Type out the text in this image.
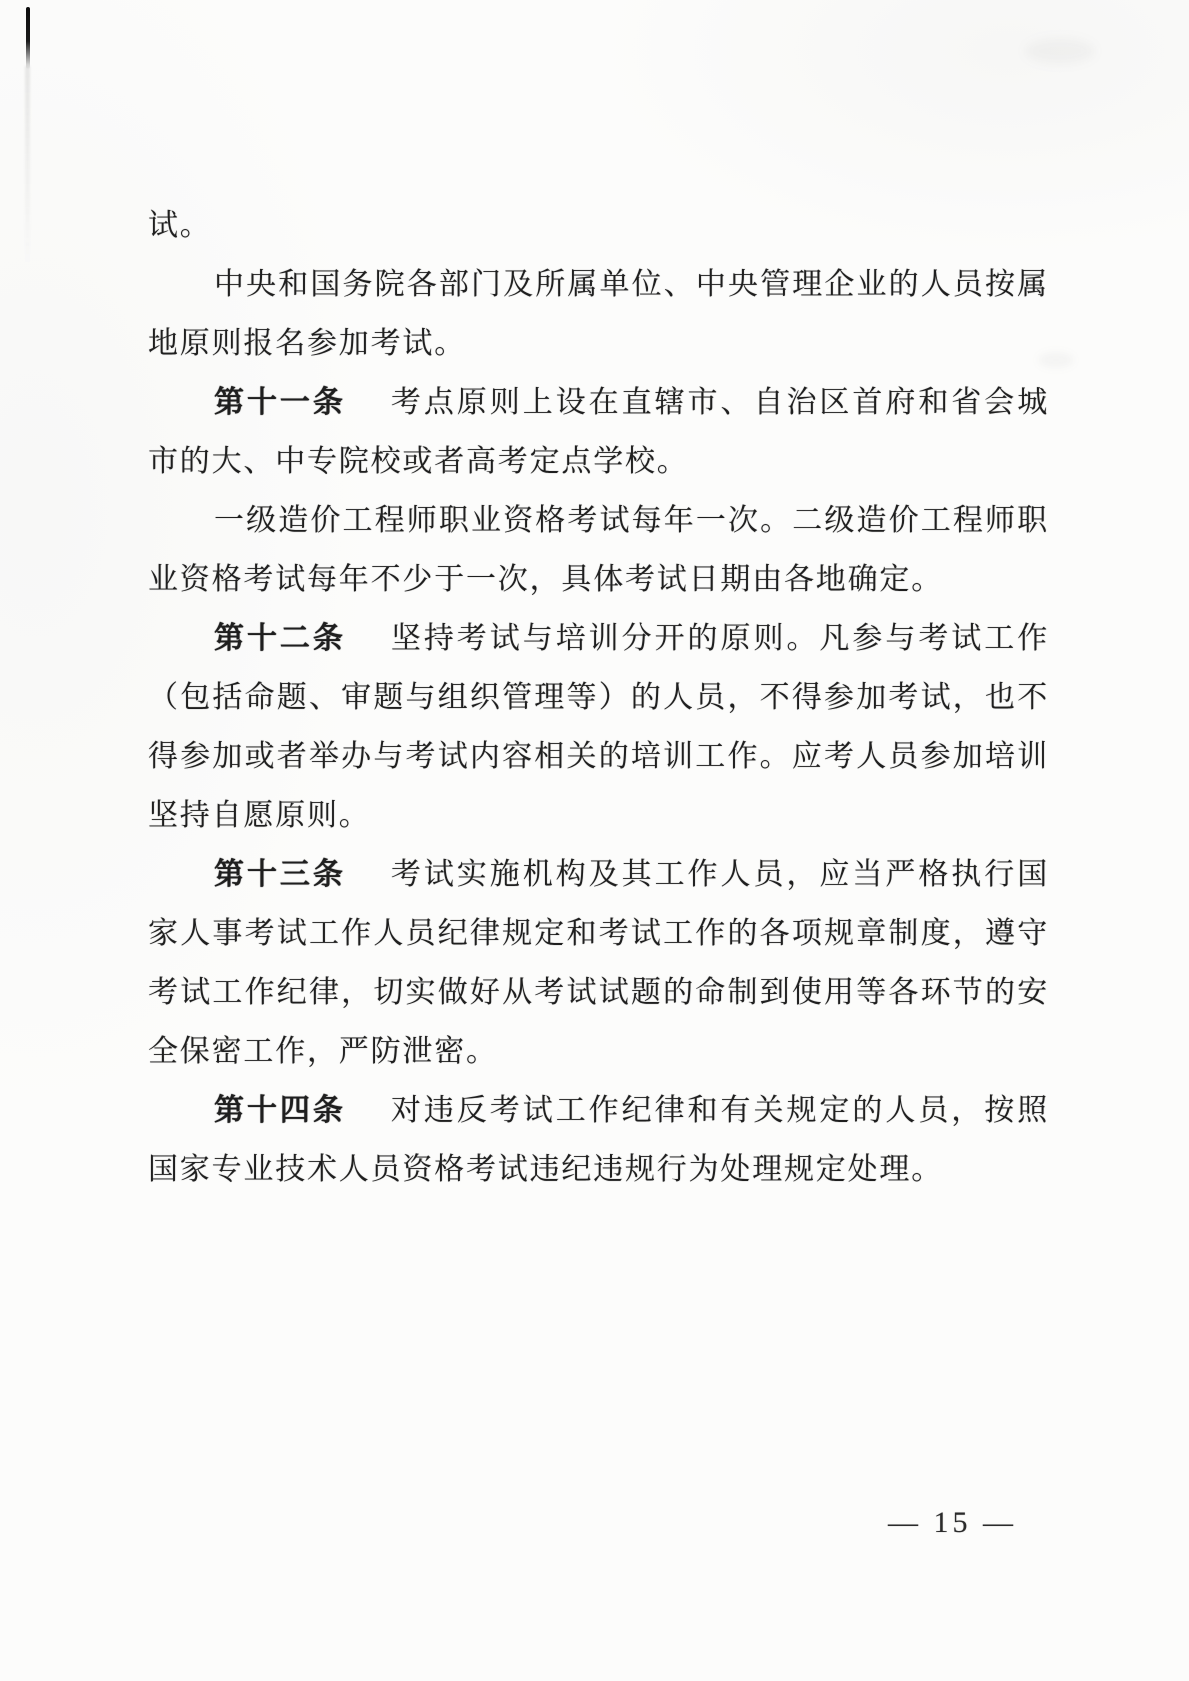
试。

中央和国务院各部门及所属单位、中央管理企业的人员按属地原则报名参加考试。

第十一条 考点原则上设在直辖市、自治区首府和省会城市的大、中专院校或者高考定点学校。

一级造价工程师职业资格考试每年一次。二级造价工程师职业资格考试每年不少于一次，具体考试日期由各地确定。

第十二条 坚持考试与培训分开的原则。凡参与考试工作（包括命题、审题与组织管理等）的人员，不得参加考试，也不得参加或者举办与考试内容相关的培训工作。应考人员参加培训坚持自愿原则。

第十三条 考试实施机构及其工作人员，应当严格执行国家人事考试工作人员纪律规定和考试工作的各项规章制度，遵守考试工作纪律，切实做好从考试试题的命制到使用等各环节的安全保密工作，严防泄密。

第十四条 对违反考试工作纪律和有关规定的人员，按照国家专业技术人员资格考试违纪违规行为处理规定处理。

— 15 —
